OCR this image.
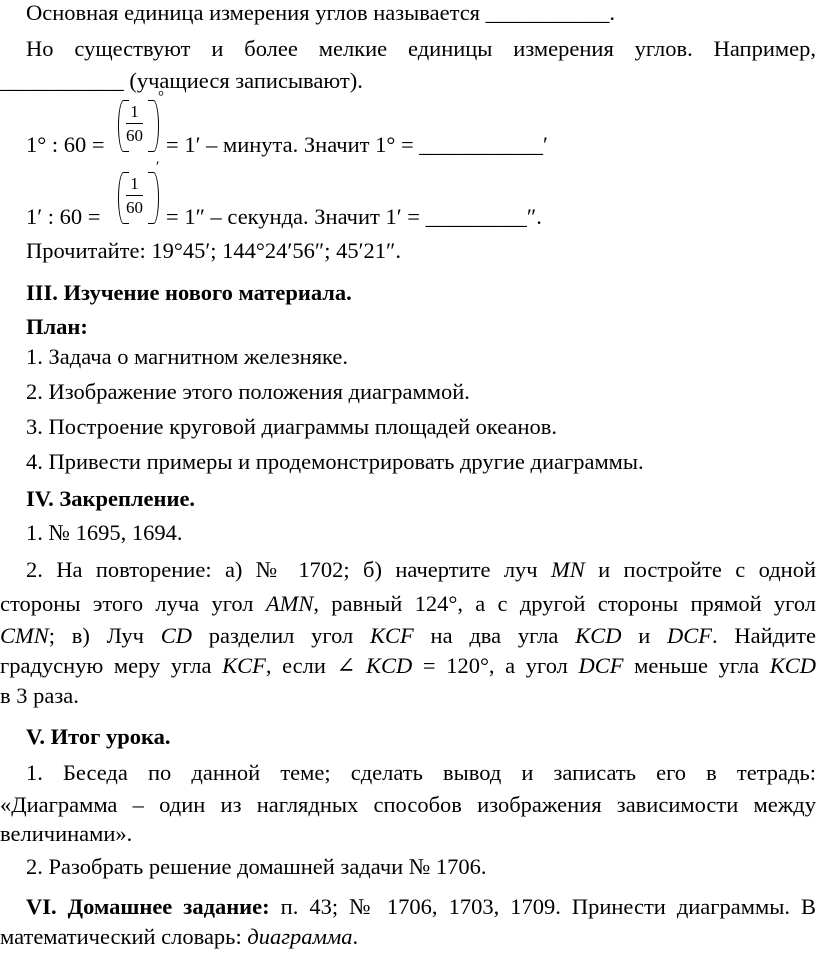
Основная единица измерения углов называется ___________.
Но существуют и более мелкие единицы измерения углов. Например,
___________ (учащиеся записывают).
1° : 60 =
$\frac{1}{60}$
°
= 1′ – минута. Значит 1° = ___________′
1′ : 60 =
$\frac{1}{60}$
′
= 1″ – секунда. Значит 1′ = _________″.
Прочитайте: 19°45′; 144°24′56″; 45′21″.
III. Изучение нового материала.
План:
1. Задача о магнитном железняке.
2. Изображение этого положения диаграммой.
3. Построение круговой диаграммы площадей океанов.
4. Привести примеры и продемонстрировать другие диаграммы.
IV. Закрепление.
1. № 1695, 1694.
2. На повторение: а) № 1702; б) начертите луч MN и постройте с одной
стороны этого луча угол AMN, равный 124°, а с другой стороны прямой угол
CMN; в) Луч CD разделил угол KCF на два угла KCD и DCF. Найдите
градусную меру угла KCF, если ∠ KCD = 120°, а угол DCF меньше угла KCD
в 3 раза.
V. Итог урока.
1. Беседа по данной теме; сделать вывод и записать его в тетрадь:
«Диаграмма – один из наглядных способов изображения зависимости между
величинами».
2. Разобрать решение домашней задачи № 1706.
VI. Домашнее задание: п. 43; № 1706, 1703, 1709. Принести диаграммы. В
математический словарь: диаграмма.
